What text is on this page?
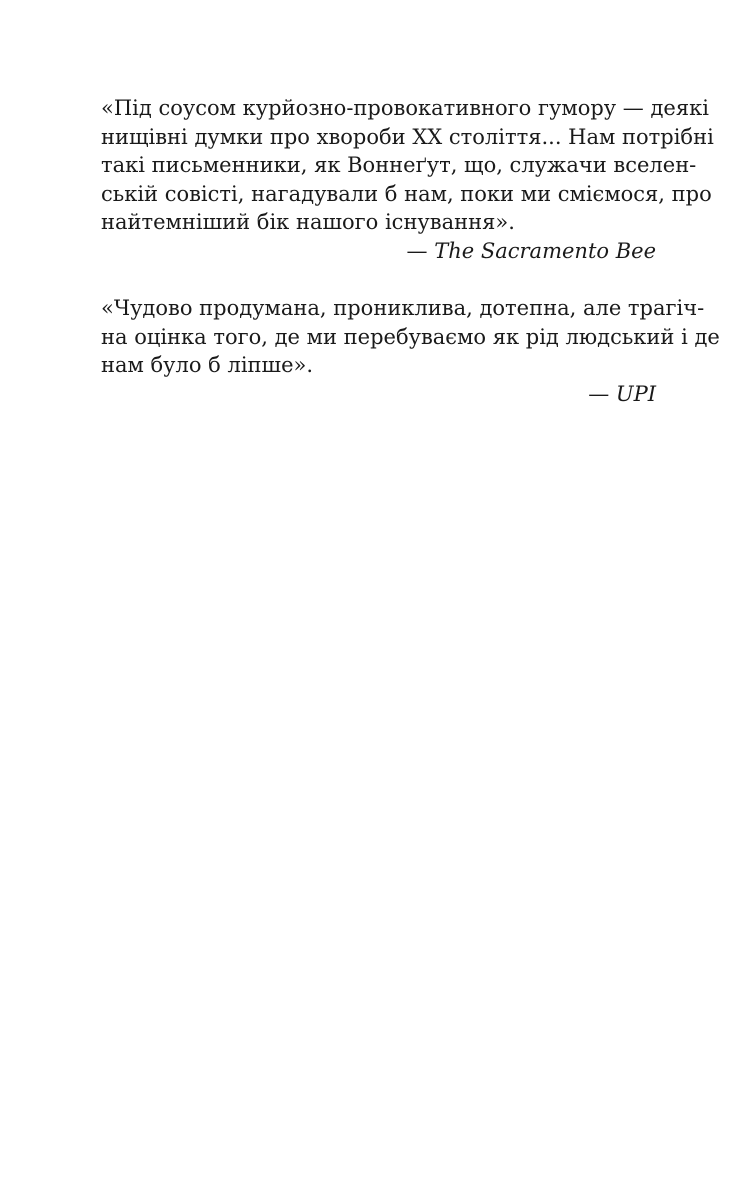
«Під соусом курйозно-провокативного гумору — деякі
нищівні думки про хвороби XX століття... Нам потрібні
такі письменники, як Воннеґут, що, служачи вселен-
ській совісті, нагадували б нам, поки ми сміємося, про
найтемніший бік нашого існування».
— The Sacramento Bee
«Чудово продумана, прониклива, дотепна, але трагіч-
на оцінка того, де ми перебуваємо як рід людський і де
нам було б ліпше».
— UPI
